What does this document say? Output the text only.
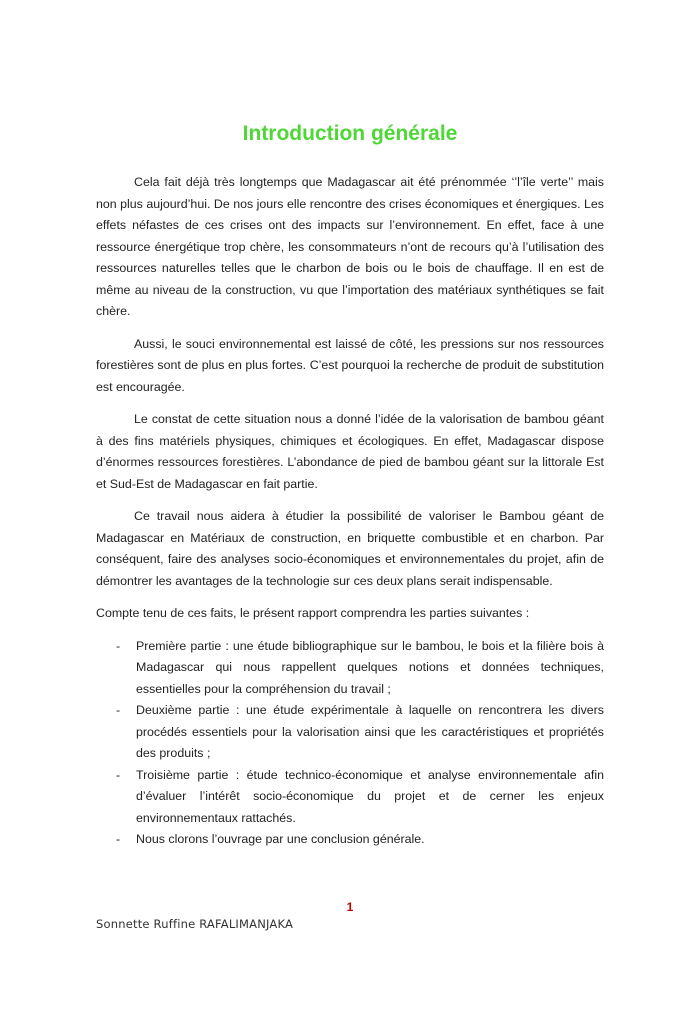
Introduction générale

Cela fait déjà très longtemps que Madagascar ait été prénommée ‘’l’île verte’’ mais non plus aujourd’hui. De nos jours elle rencontre des crises économiques et énergiques. Les effets néfastes de ces crises ont des impacts sur l’environnement. En effet, face à une ressource énergétique trop chère, les consommateurs n’ont de recours qu’à l’utilisation des ressources naturelles telles que le charbon de bois ou le bois de chauffage. Il en est de même au niveau de la construction, vu que l’importation des matériaux synthétiques se fait chère.

Aussi, le souci environnemental est laissé de côté, les pressions sur nos ressources forestières sont de plus en plus fortes. C’est pourquoi la recherche de produit de substitution est encouragée.

Le constat de cette situation nous a donné l’idée de la valorisation de bambou géant à des fins matériels physiques, chimiques et écologiques. En effet, Madagascar dispose d’énormes ressources forestières. L’abondance de pied de bambou géant sur la littorale Est et Sud-Est de Madagascar en fait partie.

Ce travail nous aidera à étudier la possibilité de valoriser le Bambou géant de Madagascar en Matériaux de construction, en briquette combustible et en charbon. Par conséquent, faire des analyses socio-économiques et environnementales du projet, afin de démontrer les avantages de la technologie sur ces deux plans serait indispensable.

Compte tenu de ces faits, le présent rapport comprendra les parties suivantes :

- Première partie : une étude bibliographique sur le bambou, le bois et la filière bois à Madagascar qui nous rappellent quelques notions et données techniques, essentielles pour la compréhension du travail ;
- Deuxième partie : une étude expérimentale à laquelle on rencontrera les divers procédés essentiels pour la valorisation ainsi que les caractéristiques et propriétés des produits ;
- Troisième partie : étude technico-économique et analyse environnementale afin d’évaluer l’intérêt socio-économique du projet et de cerner les enjeux environnementaux rattachés.
- Nous clorons l’ouvrage par une conclusion générale.
1
Sonnette Ruffine RAFALIMANJAKA
